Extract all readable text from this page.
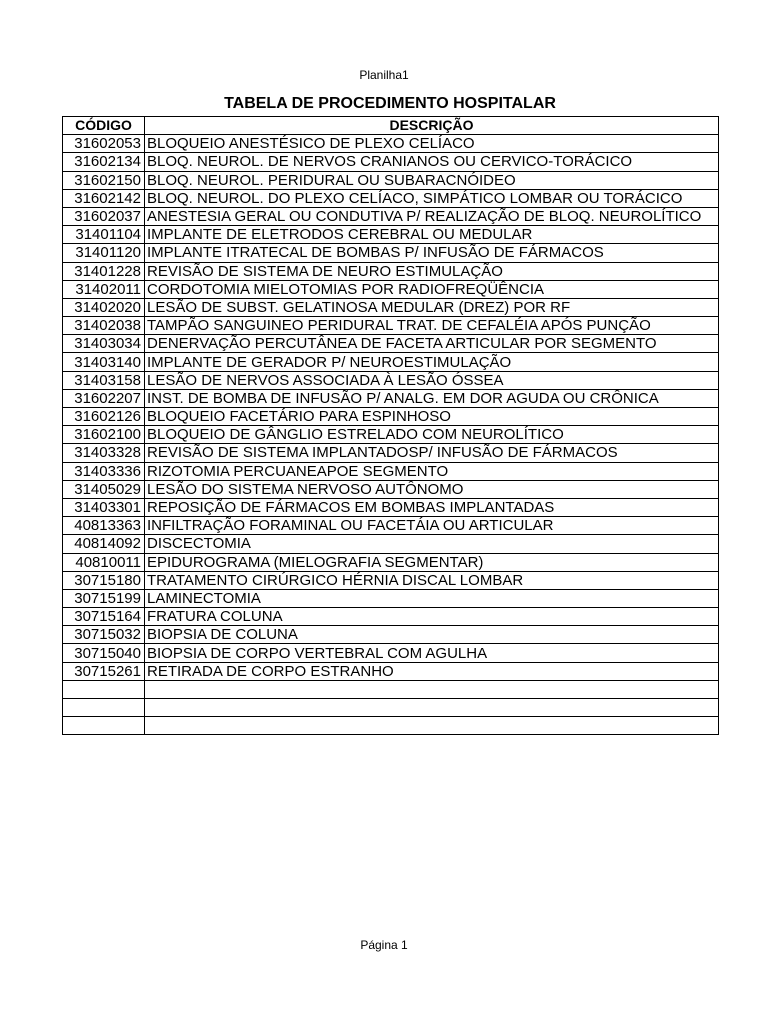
Planilha1
TABELA DE PROCEDIMENTO HOSPITALAR
CÓDIGO	DESCRIÇÃO
31602053	BLOQUEIO ANESTÉSICO DE PLEXO CELÍACO
31602134	BLOQ. NEUROL. DE NERVOS CRANIANOS OU CERVICO-TORÁCICO
31602150	BLOQ. NEUROL. PERIDURAL OU SUBARACNÓIDEO
31602142	BLOQ. NEUROL. DO PLEXO CELÍACO, SIMPÁTICO LOMBAR OU TORÁCICO
31602037	ANESTESIA GERAL OU CONDUTIVA P/ REALIZAÇÃO DE BLOQ. NEUROLÍTICO
31401104	IMPLANTE DE ELETRODOS CEREBRAL OU MEDULAR
31401120	IMPLANTE ITRATECAL DE BOMBAS P/ INFUSÃO DE FÁRMACOS
31401228	REVISÃO DE SISTEMA DE NEURO ESTIMULAÇÃO
31402011	CORDOTOMIA MIELOTOMIAS POR RADIOFREQÜÊNCIA
31402020	LESÃO DE SUBST. GELATINOSA MEDULAR (DREZ) POR RF
31402038	TAMPÃO SANGUINEO PERIDURAL TRAT. DE CEFALÉIA APÓS PUNÇÃO
31403034	DENERVAÇÃO PERCUTÂNEA DE FACETA ARTICULAR POR SEGMENTO
31403140	IMPLANTE DE GERADOR P/ NEUROESTIMULAÇÃO
31403158	LESÃO DE NERVOS ASSOCIADA À LESÃO ÓSSEA
31602207	INST. DE BOMBA DE INFUSÃO P/ ANALG. EM DOR AGUDA OU CRÔNICA
31602126	BLOQUEIO FACETÁRIO PARA ESPINHOSO
31602100	BLOQUEIO DE GÂNGLIO ESTRELADO COM NEUROLÍTICO
31403328	REVISÃO DE SISTEMA IMPLANTADOSP/ INFUSÃO DE FÁRMACOS
31403336	RIZOTOMIA PERCUANEAPOE SEGMENTO
31405029	LESÃO DO SISTEMA NERVOSO AUTÔNOMO
31403301	REPOSIÇÃO DE FÁRMACOS EM BOMBAS IMPLANTADAS
40813363	INFILTRAÇÃO FORAMINAL OU FACETÁIA OU ARTICULAR
40814092	DISCECTOMIA
40810011	EPIDUROGRAMA (MIELOGRAFIA SEGMENTAR)
30715180	TRATAMENTO CIRÚRGICO HÉRNIA DISCAL LOMBAR
30715199	LAMINECTOMIA
30715164	FRATURA COLUNA
30715032	BIOPSIA DE COLUNA
30715040	BIOPSIA DE CORPO VERTEBRAL COM AGULHA
30715261	RETIRADA DE CORPO ESTRANHO

Página 1
